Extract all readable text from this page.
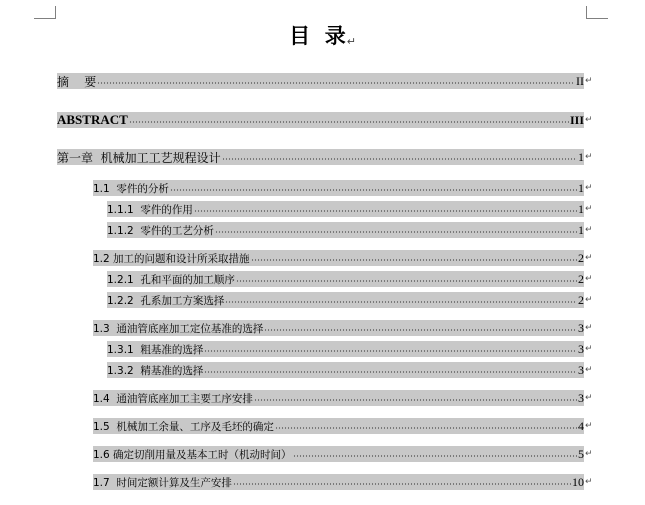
目  录↵
摘    要	II ↵
ABSTRACT	III ↵
第一章  机械加工工艺规程设计	1 ↵
1.1  零件的分析	1 ↵
1.1.1  零件的作用	1 ↵
1.1.2  零件的工艺分析	1 ↵
1.2 加工的问题和设计所采取措施	2 ↵
1.2.1  孔和平面的加工顺序	2 ↵
1.2.2  孔系加工方案选择	2 ↵
1.3  通油管底座加工定位基准的选择	3 ↵
1.3.1  粗基准的选择	3 ↵
1.3.2  精基准的选择	3 ↵
1.4  通油管底座加工主要工序安排	3 ↵
1.5  机械加工余量、工序及毛坯的确定	4 ↵
1.6 确定切削用量及基本工时（机动时间）	5 ↵
1.7  时间定额计算及生产安排	10 ↵
